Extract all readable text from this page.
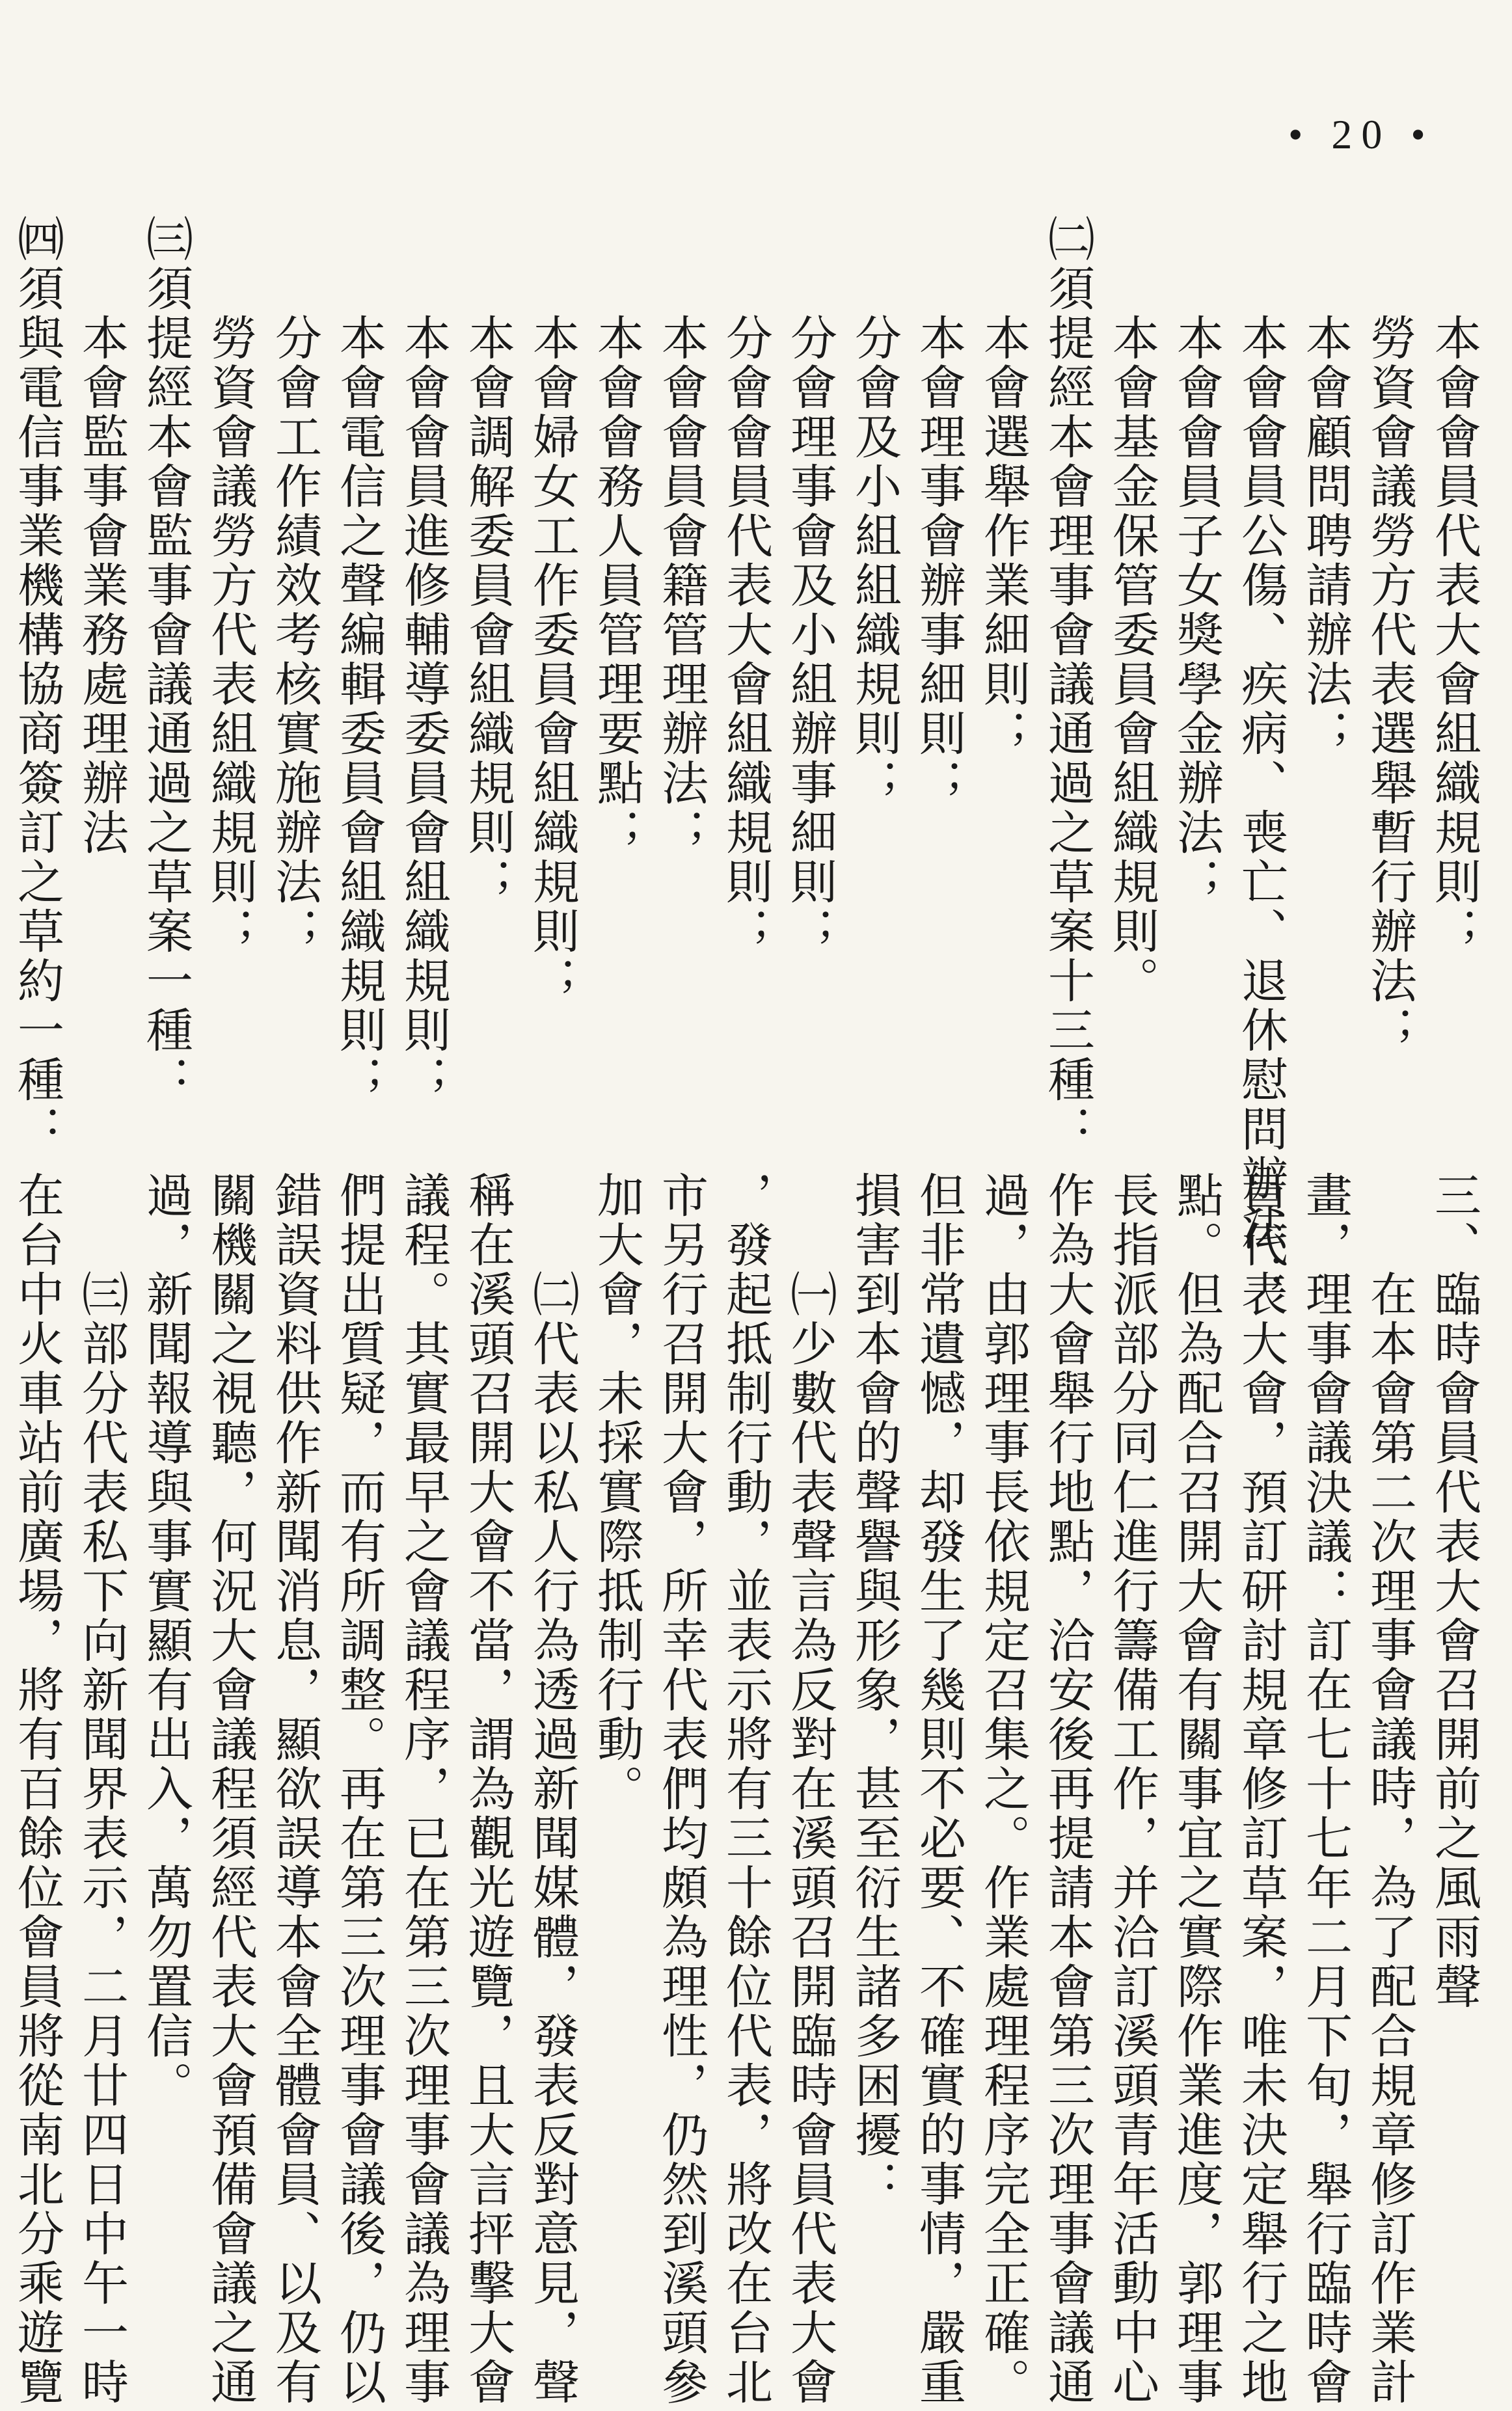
• 20 •
　　本會會員代表大會組織規則；
　　勞資會議勞方代表選舉暫行辦法；
　　本會顧問聘請辦法；
　　本會會員公傷、疾病、喪亡、退休慰問辦法；
　　本會會員子女獎學金辦法；
　　本會基金保管委員會組織規則。
㈡須提經本會理事會議通過之草案十三種：
　　本會選舉作業細則；
　　本會理事會辦事細則；
　　分會及小組組織規則；
　　分會理事會及小組辦事細則；
　　分會會員代表大會組織規則；
　　本會會員會籍管理辦法；
　　本會會務人員管理要點；
　　本會婦女工作委員會組織規則；
　　本會調解委員會組織規則；
　　本會會員進修輔導委員會組織規則；
　　本會電信之聲編輯委員會組織規則；
　　分會工作績效考核實施辦法；
　　勞資會議勞方代表組織規則；
㈢須提經本會監事會議通過之草案一種：
　　本會監事會業務處理辦法
㈣須與電信事業機構協商簽訂之草約一種：
三、臨時會員代表大會召開前之風雨聲
　　在本會第二次理事會議時，為了配合規章修訂作業計
畫，理事會議決議：訂在七十七年二月下旬，舉行臨時會
員代表大會，預訂研討規章修訂草案，唯未決定舉行之地
點。但為配合召開大會有關事宜之實際作業進度，郭理事
長指派部分同仁進行籌備工作，并洽訂溪頭青年活動中心
作為大會舉行地點，洽安後再提請本會第三次理事會議通
過，由郭理事長依規定召集之。作業處理程序完全正確。
但非常遺憾，却發生了幾則不必要、不確實的事情，嚴重
損害到本會的聲譽與形象，甚至衍生諸多困擾：
　　㈠少數代表聲言為反對在溪頭召開臨時會員代表大會
，發起抵制行動，並表示將有三十餘位代表，將改在台北
市另行召開大會，所幸代表們均頗為理性，仍然到溪頭參
加大會，未採實際抵制行動。
　　㈡代表以私人行為透過新聞媒體，發表反對意見，聲
稱在溪頭召開大會不當，謂為觀光遊覽，且大言抨擊大會
議程。其實最早之會議程序，已在第三次理事會議為理事
們提出質疑，而有所調整。再在第三次理事會議後，仍以
錯誤資料供作新聞消息，顯欲誤導本會全體會員、以及有
關機關之視聽，何況大會議程須經代表大會預備會議之通
過，新聞報導與事實顯有出入，萬勿置信。
　　㈢部分代表私下向新聞界表示，二月廿四日中午一時
在台中火車站前廣場，將有百餘位會員將從南北分乘遊覽
